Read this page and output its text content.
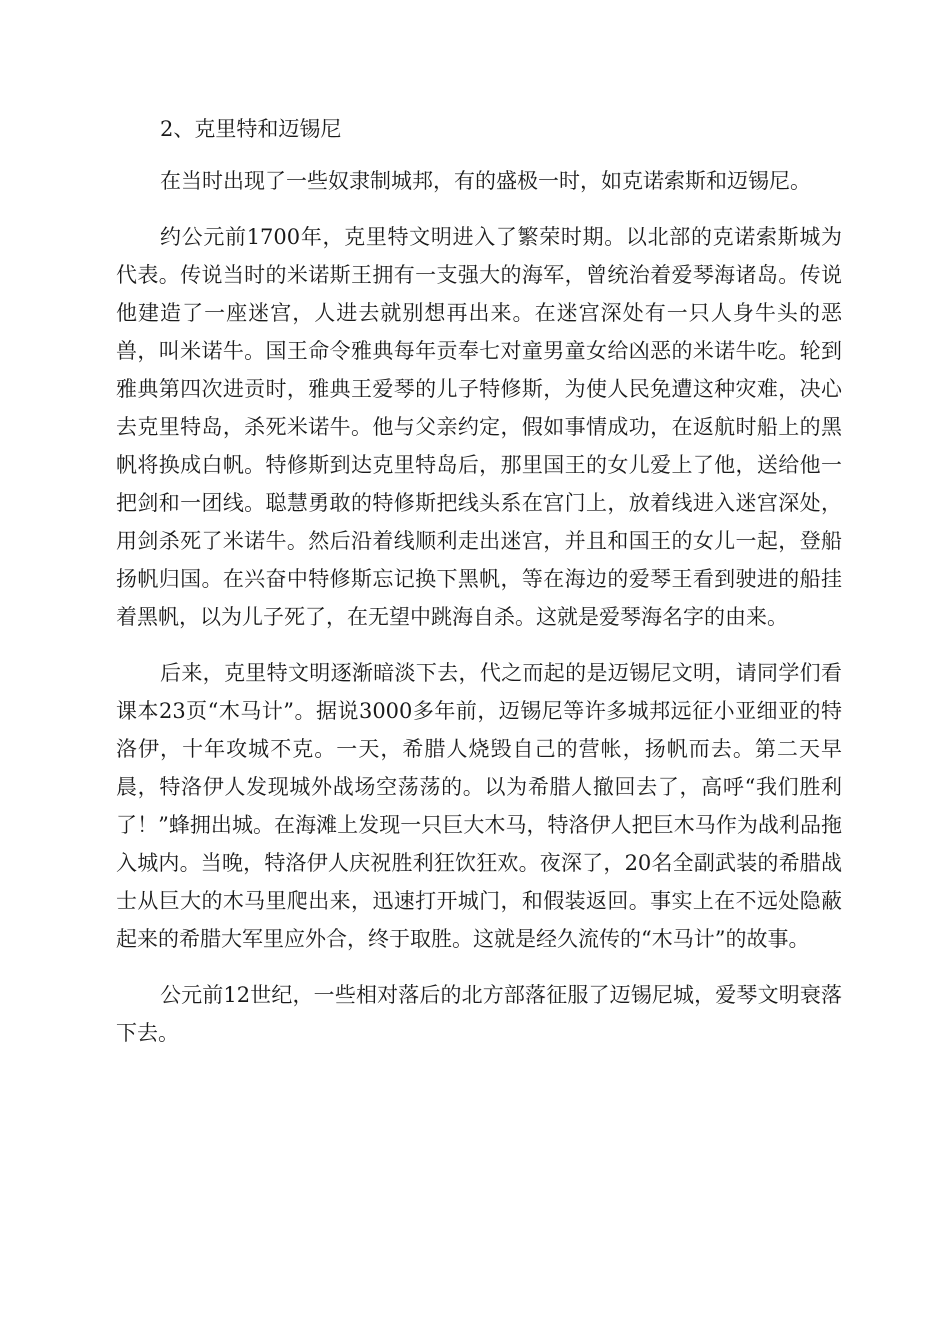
2、克里特和迈锡尼

在当时出现了一些奴隶制城邦，有的盛极一时，如克诺索斯和迈锡尼。

约公元前1700年，克里特文明进入了繁荣时期。以北部的克诺索斯城为代表。传说当时的米诺斯王拥有一支强大的海军，曾统治着爱琴海诸岛。传说他建造了一座迷宫，人进去就别想再出来。在迷宫深处有一只人身牛头的恶兽，叫米诺牛。国王命令雅典每年贡奉七对童男童女给凶恶的米诺牛吃。轮到雅典第四次进贡时，雅典王爱琴的儿子特修斯，为使人民免遭这种灾难，决心去克里特岛，杀死米诺牛。他与父亲约定，假如事情成功，在返航时船上的黑帆将换成白帆。特修斯到达克里特岛后，那里国王的女儿爱上了他，送给他一把剑和一团线。聪慧勇敢的特修斯把线头系在宫门上，放着线进入迷宫深处，用剑杀死了米诺牛。然后沿着线顺利走出迷宫，并且和国王的女儿一起，登船扬帆归国。在兴奋中特修斯忘记换下黑帆，等在海边的爱琴王看到驶进的船挂着黑帆，以为儿子死了，在无望中跳海自杀。这就是爱琴海名字的由来。

后来，克里特文明逐渐暗淡下去，代之而起的是迈锡尼文明，请同学们看课本23页“木马计”。据说3000多年前，迈锡尼等许多城邦远征小亚细亚的特洛伊，十年攻城不克。一天，希腊人烧毁自己的营帐，扬帆而去。第二天早晨，特洛伊人发现城外战场空荡荡的。以为希腊人撤回去了，高呼“我们胜利了！”蜂拥出城。在海滩上发现一只巨大木马，特洛伊人把巨木马作为战利品拖入城内。当晚，特洛伊人庆祝胜利狂饮狂欢。夜深了，20名全副武装的希腊战士从巨大的木马里爬出来，迅速打开城门，和假装返回。事实上在不远处隐蔽起来的希腊大军里应外合，终于取胜。这就是经久流传的“木马计”的故事。

公元前12世纪，一些相对落后的北方部落征服了迈锡尼城，爱琴文明衰落下去。
